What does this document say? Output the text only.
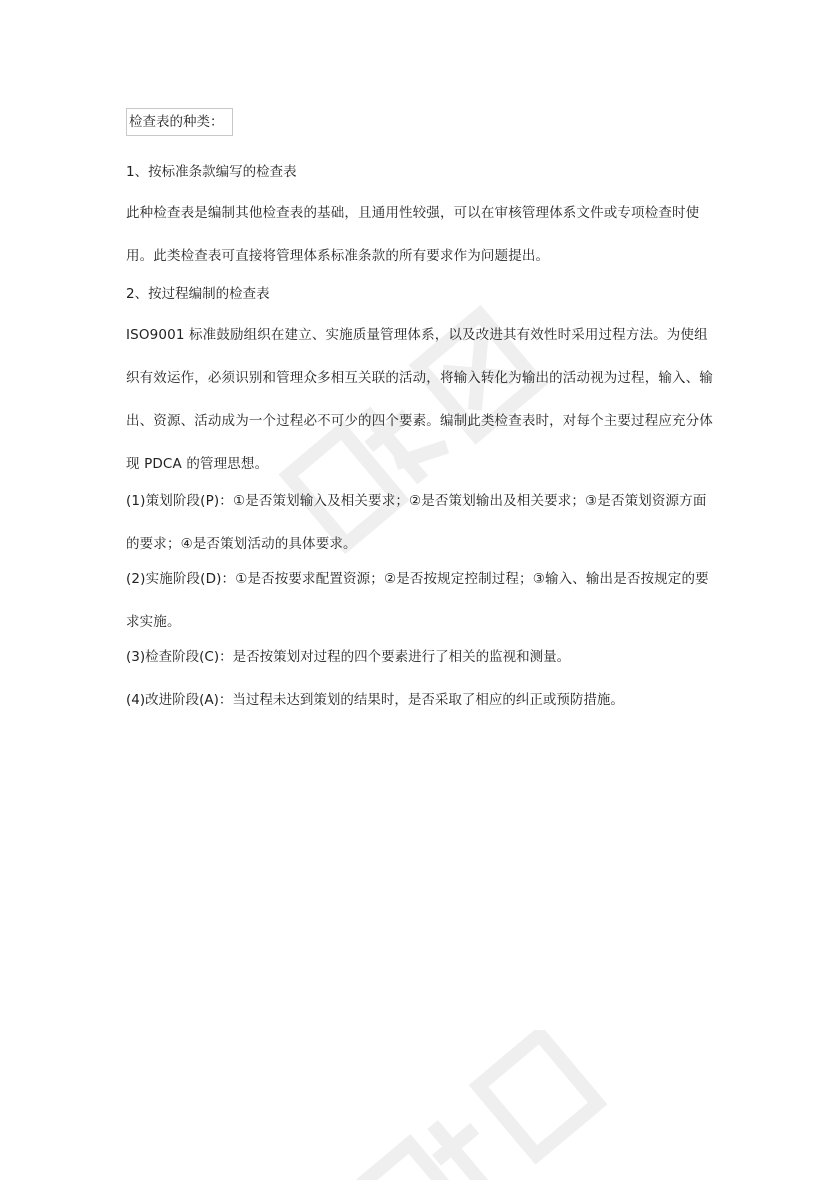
检查表的种类：
1、按标准条款编写的检查表
此种检查表是编制其他检查表的基础，且通用性较强，可以在审核管理体系文件或专项检查时使用。此类检查表可直接将管理体系标准条款的所有要求作为问题提出。
2、按过程编制的检查表
ISO9001 标准鼓励组织在建立、实施质量管理体系，以及改进其有效性时采用过程方法。为使组织有效运作，必须识别和管理众多相互关联的活动，将输入转化为输出的活动视为过程，输入、输出、资源、活动成为一个过程必不可少的四个要素。编制此类检查表时，对每个主要过程应充分体现 PDCA 的管理思想。
(1)策划阶段(P)：①是否策划输入及相关要求；②是否策划输出及相关要求；③是否策划资源方面的要求；④是否策划活动的具体要求。
(2)实施阶段(D)：①是否按要求配置资源；②是否按规定控制过程；③输入、输出是否按规定的要求实施。
(3)检查阶段(C)：是否按策划对过程的四个要素进行了相关的监视和测量。
(4)改进阶段(A)：当过程未达到策划的结果时，是否采取了相应的纠正或预防措施。
